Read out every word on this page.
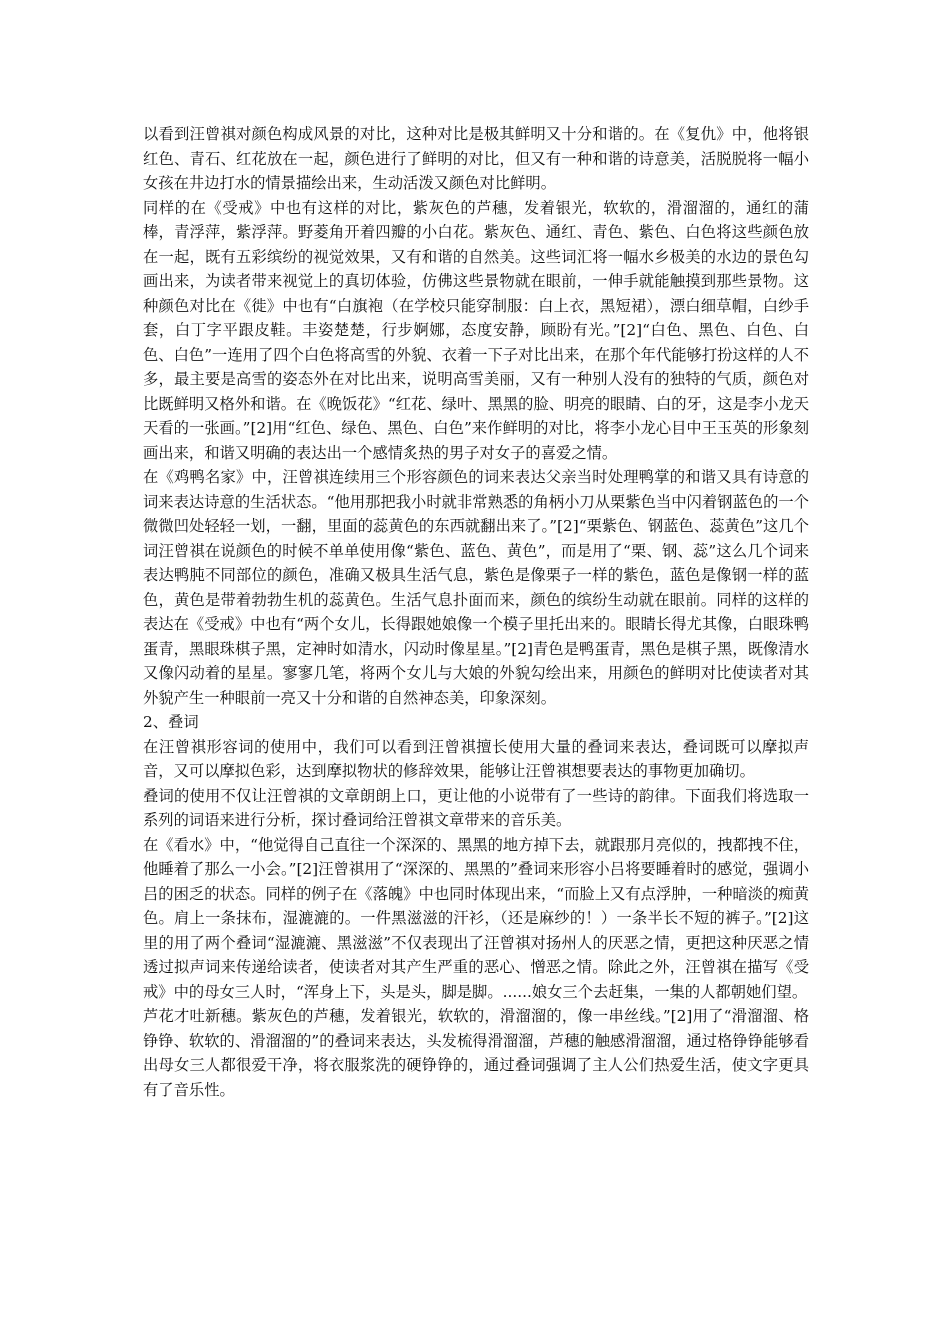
以看到汪曾祺对颜色构成风景的对比，这种对比是极其鲜明又十分和谐的。在《复仇》中，他将银红色、青石、红花放在一起，颜色进行了鲜明的对比，但又有一种和谐的诗意美，活脱脱将一幅小女孩在井边打水的情景描绘出来，生动活泼又颜色对比鲜明。

同样的在《受戒》中也有这样的对比，紫灰色的芦穗，发着银光，软软的，滑溜溜的，通红的蒲棒，青浮萍，紫浮萍。野菱角开着四瓣的小白花。紫灰色、通红、青色、紫色、白色将这些颜色放在一起，既有五彩缤纷的视觉效果，又有和谐的自然美。这些词汇将一幅水乡极美的水边的景色勾画出来，为读者带来视觉上的真切体验，仿佛这些景物就在眼前，一伸手就能触摸到那些景物。这种颜色对比在《徙》中也有“白旗袍（在学校只能穿制服：白上衣，黑短裙），漂白细草帽，白纱手套，白丁字平跟皮鞋。丰姿楚楚，行步婀娜，态度安静，顾盼有光。”[2]“白色、黑色、白色、白色、白色”一连用了四个白色将高雪的外貌、衣着一下子对比出来，在那个年代能够打扮这样的人不多，最主要是高雪的姿态外在对比出来，说明高雪美丽，又有一种别人没有的独特的气质，颜色对比既鲜明又格外和谐。在《晚饭花》“红花、绿叶、黑黑的脸、明亮的眼睛、白的牙，这是李小龙天天看的一张画。”[2]用“红色、绿色、黑色、白色”来作鲜明的对比，将李小龙心目中王玉英的形象刻画出来，和谐又明确的表达出一个感情炙热的男子对女子的喜爱之情。

在《鸡鸭名家》中，汪曾祺连续用三个形容颜色的词来表达父亲当时处理鸭掌的和谐又具有诗意的词来表达诗意的生活状态。“他用那把我小时就非常熟悉的角柄小刀从栗紫色当中闪着钢蓝色的一个微微凹处轻轻一划，一翻，里面的蕊黄色的东西就翻出来了。”[2]“栗紫色、钢蓝色、蕊黄色”这几个词汪曾祺在说颜色的时候不单单使用像“紫色、蓝色、黄色”，而是用了“栗、钢、蕊”这么几个词来表达鸭肫不同部位的颜色，准确又极具生活气息，紫色是像栗子一样的紫色，蓝色是像钢一样的蓝色，黄色是带着勃勃生机的蕊黄色。生活气息扑面而来，颜色的缤纷生动就在眼前。同样的这样的表达在《受戒》中也有“两个女儿，长得跟她娘像一个模子里托出来的。眼睛长得尤其像，白眼珠鸭蛋青，黑眼珠棋子黑，定神时如清水，闪动时像星星。”[2]青色是鸭蛋青，黑色是棋子黑，既像清水又像闪动着的星星。寥寥几笔，将两个女儿与大娘的外貌勾绘出来，用颜色的鲜明对比使读者对其外貌产生一种眼前一亮又十分和谐的自然神态美，印象深刻。

2、叠词

在汪曾祺形容词的使用中，我们可以看到汪曾祺擅长使用大量的叠词来表达，叠词既可以摩拟声音，又可以摩拟色彩，达到摩拟物状的修辞效果，能够让汪曾祺想要表达的事物更加确切。

叠词的使用不仅让汪曾祺的文章朗朗上口，更让他的小说带有了一些诗的韵律。下面我们将选取一系列的词语来进行分析，探讨叠词给汪曾祺文章带来的音乐美。

在《看水》中，“他觉得自己直往一个深深的、黑黑的地方掉下去，就跟那月亮似的，拽都拽不住，他睡着了那么一小会。”[2]汪曾祺用了“深深的、黑黑的”叠词来形容小吕将要睡着时的感觉，强调小吕的困乏的状态。同样的例子在《落魄》中也同时体现出来，“而脸上又有点浮肿，一种暗淡的痴黄色。肩上一条抹布，湿漉漉的。一件黑滋滋的汗衫，（还是麻纱的！）一条半长不短的裤子。”[2]这里的用了两个叠词“湿漉漉、黑滋滋”不仅表现出了汪曾祺对扬州人的厌恶之情，更把这种厌恶之情透过拟声词来传递给读者，使读者对其产生严重的恶心、憎恶之情。除此之外，汪曾祺在描写《受戒》中的母女三人时，“浑身上下，头是头，脚是脚。......娘女三个去赶集，一集的人都朝她们望。

芦花才吐新穗。紫灰色的芦穗，发着银光，软软的，滑溜溜的，像一串丝线。”[2]用了“滑溜溜、格铮铮、软软的、滑溜溜的”的叠词来表达，头发梳得滑溜溜，芦穗的触感滑溜溜，通过格铮铮能够看出母女三人都很爱干净，将衣服浆洗的硬铮铮的，通过叠词强调了主人公们热爱生活，使文字更具有了音乐性。
